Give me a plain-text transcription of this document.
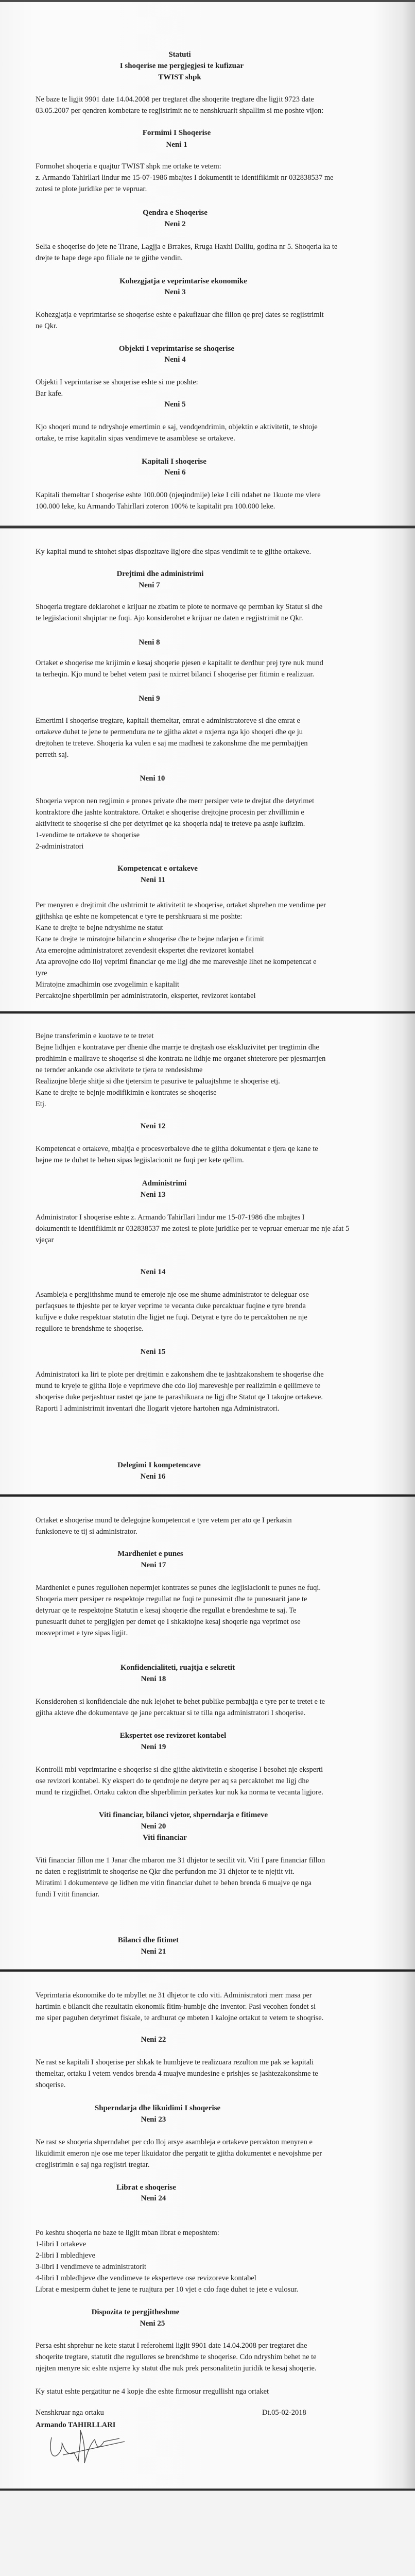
Statuti
I shoqerise me pergjegjesi te kufizuar
TWIST shpk
Ne baze te ligjit 9901 date 14.04.2008 per tregtaret dhe shoqerite tregtare dhe ligjit 9723 date
03.05.2007 per qendren kombetare te regjistrimit ne te nenshkruarit shpallim si me poshte vijon:
Formimi I Shoqerise
Neni 1
Formohet shoqeria e quajtur TWIST shpk me ortake te vetem:
z. Armando Tahirllari lindur me 15-07-1986 mbajtes I dokumentit te identifikimit nr 032838537 me
zotesi te plote juridike per te vepruar.
Qendra e Shoqerise
Neni 2
Selia e shoqerise do jete ne Tirane, Lagjja e Brrakes, Rruga Haxhi Dalliu, godina nr 5. Shoqeria ka te
drejte te hape dege apo filiale ne te gjithe vendin.
Kohezgjatja e veprimtarise ekonomike
Neni 3
Kohezgjatja e veprimtarise se shoqerise eshte e pakufizuar dhe fillon qe prej dates se regjistrimit
ne Qkr.
Objekti I veprimtarise se shoqerise
Neni 4
Objekti I veprimtarise se shoqerise eshte si me poshte:
Bar kafe.
Neni 5
Kjo shoqeri mund te ndryshoje emertimin e saj, vendqendrimin, objektin e aktivitetit, te shtoje
ortake, te rrise kapitalin sipas vendimeve te asamblese se ortakeve.
Kapitali I shoqerise
Neni 6
Kapitali themeltar I shoqerise eshte 100.000 (njeqindmije) leke I cili ndahet ne 1kuote me vlere
100.000 leke, ku Armando Tahirllari zoteron 100% te kapitalit pra 100.000 leke.
Ky kapital mund te shtohet sipas dispozitave ligjore dhe sipas vendimit te te gjithe ortakeve.
Drejtimi dhe administrimi
Neni 7
Shoqeria tregtare deklarohet e krijuar ne zbatim te plote te normave qe permban ky Statut si dhe
te legjislacionit shqiptar ne fuqi. Ajo konsiderohet e krijuar ne daten e regjistrimit ne Qkr.
Neni 8
Ortaket e shoqerise me krijimin e kesaj shoqerie pjesen e kapitalit te derdhur prej tyre nuk mund
ta terheqin. Kjo mund te behet vetem pasi te nxirret bilanci I shoqerise per fitimin e realizuar.
Neni 9
Emertimi I shoqerise tregtare, kapitali themeltar, emrat e administratoreve si dhe emrat e
ortakeve duhet te jene te permendura ne te gjitha aktet e nxjerra nga kjo shoqeri dhe qe ju
drejtohen te treteve. Shoqeria ka vulen e saj me madhesi te zakonshme dhe me permbajtjen
perreth saj.
Neni 10
Shoqeria vepron nen regjimin e prones private dhe merr persiper vete te drejtat dhe detyrimet
kontraktore dhe jashte kontraktore. Ortaket e shoqerise drejtojne procesin per zhvillimin e
aktivitetit te shoqerise si dhe per detyrimet qe ka shoqeria ndaj te treteve pa asnje kufizim.
1-vendime te ortakeve te shoqerise
2-administratori
Kompetencat e ortakeve
Neni 11
Per menyren e drejtimit dhe ushtrimit te aktivitetit te shoqerise, ortaket shprehen me vendime per
gjithshka qe eshte ne kompetencat e tyre te pershkruara si me poshte:
Kane te drejte te bejne ndryshime ne statut
Kane te drejte te miratojne bilancin e shoqerise dhe te bejne ndarjen e fitimit
Ata emerojne administratoret zevendesit ekspertet dhe revizoret kontabel
Ata aprovojne cdo lloj veprimi financiar qe me ligj dhe me mareveshje lihet ne kompetencat e
tyre
Miratojne zmadhimin ose zvogelimin e kapitalit
Percaktojne shperblimin per administratorin, ekspertet, revizoret kontabel
Bejne transferimin e kuotave te te tretet
Bejne lidhjen e kontratave per dhenie dhe marrje te drejtash ose ekskluzivitet per tregtimin dhe
prodhimin e mallrave te shoqerise si dhe kontrata ne lidhje me organet shteterore per pjesmarrjen
ne ternder ankande ose aktivitete te tjera te rendesishme
Realizojne blerje shitje si dhe tjetersim te pasurive te paluajtshme te shoqerise etj.
Kane te drejte te bejnje modifikimin e kontrates se shoqerise
Etj.
Neni 12
Kompetencat e ortakeve, mbajtja e procesverbaleve dhe te gjitha dokumentat e tjera qe kane te
bejne me te duhet te behen sipas legjislacionit ne fuqi per kete qellim.
Administrimi
Neni 13
Administrator I shoqerise eshte z. Armando Tahirllari lindur me 15-07-1986 dhe mbajtes I
dokumentit te identifikimit nr 032838537 me zotesi te plote juridike per te vepruar emeruar me nje afat 5
vjeçar
Neni 14
Asambleja e pergjithshme mund te emeroje nje ose me shume administrator te deleguar ose
perfaqsues te thjeshte per te kryer veprime te vecanta duke percaktuar fuqine e tyre brenda
kufijve e duke respektuar statutin dhe ligjet ne fuqi. Detyrat e tyre do te percaktohen ne nje
regullore te brendshme te shoqerise.
Neni 15
Administratori ka liri te plote per drejtimin e zakonshem dhe te jashtzakonshem te shoqerise dhe
mund te kryeje te gjitha lloje e veprimeve dhe cdo lloj mareveshje per realizimin e qellimeve te
shoqerise duke perjashtuar rastet qe jane te parashikuara ne ligj dhe Statut qe I takojne ortakeve.
Raporti I administrimit inventari dhe llogarit vjetore hartohen nga Administratori.
Delegimi I kompetencave
Neni 16
Ortaket e shoqerise mund te delegojne kompetencat e tyre vetem per ato qe I perkasin
funksioneve te tij si administrator.
Mardheniet e punes
Neni 17
Mardheniet e punes regullohen nepermjet kontrates se punes dhe legjislacionit te punes ne fuqi.
Shoqeria merr persiper re respektoje rregullat ne fuqi te punesimit dhe te punesuarit jane te
detyruar qe te respektojne Statutin e kesaj shoqerie dhe regullat e brendeshme te saj. Te
punesuarit duhet te pergjigjen per demet qe I shkaktojne kesaj shoqerie nga veprimet ose
mosveprimet e tyre sipas ligjit.
Konfidencialiteti, ruajtja e sekretit
Neni 18
Konsiderohen si konfidenciale dhe nuk lejohet te behet publike permbajtja e tyre per te tretet e te
gjitha akteve dhe dokumentave qe jane percaktuar si te tilla nga administratori I shoqerise.
Ekspertet ose revizoret kontabel
Neni 19
Kontrolli mbi veprimtarine e shoqerise si dhe gjithe aktivitetin e shoqerise I besohet nje eksperti
ose revizori kontabel. Ky ekspert do te qendroje ne detyre per aq sa percaktohet me ligj dhe
mund te rizgjidhet. Ortaku cakton dhe shperblimin perkates kur nuk ka norma te vecanta ligjore.
Viti financiar, bilanci vjetor, shperndarja e fitimeve
Neni 20
Viti financiar
Viti financiar fillon me 1 Janar dhe mbaron me 31 dhjetor te secilit vit. Viti I pare financiar fillon
ne daten e regjistrimit te shoqerise ne Qkr dhe perfundon me 31 dhjetor te te njejtit vit.
Miratimi I dokumenteve qe lidhen me vitin financiar duhet te behen brenda 6 muajve qe nga
fundi I vitit financiar.
Bilanci dhe fitimet
Neni 21
Veprimtaria ekonomike do te mbyllet ne 31 dhjetor te cdo viti. Administratori merr masa per
hartimin e bilancit dhe rezultatin ekonomik fitim-humbje dhe inventor. Pasi vecohen fondet si
me siper paguhen detyrimet fiskale, te ardhurat qe mbeten I kalojne ortakut te vetem te shoqrise.
Neni 22
Ne rast se kapitali I shoqerise per shkak te humbjeve te realizuara rezulton me pak se kapitali
themeltar, ortaku I vetem vendos brenda 4 muajve mundesine e prishjes se jashtezakonshme te
shoqerise.
Shperndarja dhe likuidimi I shoqerise
Neni 23
Ne rast se shoqeria shperndahet per cdo lloj arsye asambleja e ortakeve percakton menyren e
likuidimit emeron nje ose me teper likuidator dhe pergatit te gjitha dokumentet e nevojshme per
cregjistrimin e saj nga regjistri tregtar.
Librat e shoqerise
Neni 24
Po keshtu shoqeria ne baze te ligjit mban librat e meposhtem:
1-libri I ortakeve
2-libri I mbledhjeve
3-libri I vendimeve te administratorit
4-libri I mbledhjeve dhe vendimeve te eksperteve ose revizoreve kontabel
Librat e mesiperm duhet te jene te ruajtura per 10 vjet e cdo faqe duhet te jete e vulosur.
Dispozita te pergjitheshme
Neni 25
Persa esht shprehur ne kete statut I referohemi ligjit 9901 date 14.04.2008 per tregtaret dhe
shoqerite tregtare, statutit dhe regullores se brendshme te shoqerise. Cdo ndryshim behet ne te
njejten menyre sic eshte nxjerre ky statut dhe nuk prek personalitetin juridik te kesaj shoqerie.
Ky statut eshte pergatitur ne 4 kopje dhe eshte firmosur rregullisht nga ortaket
Nenshkruar nga ortaku
Armando TAHIRLLARI
Dt.05-02-2018
